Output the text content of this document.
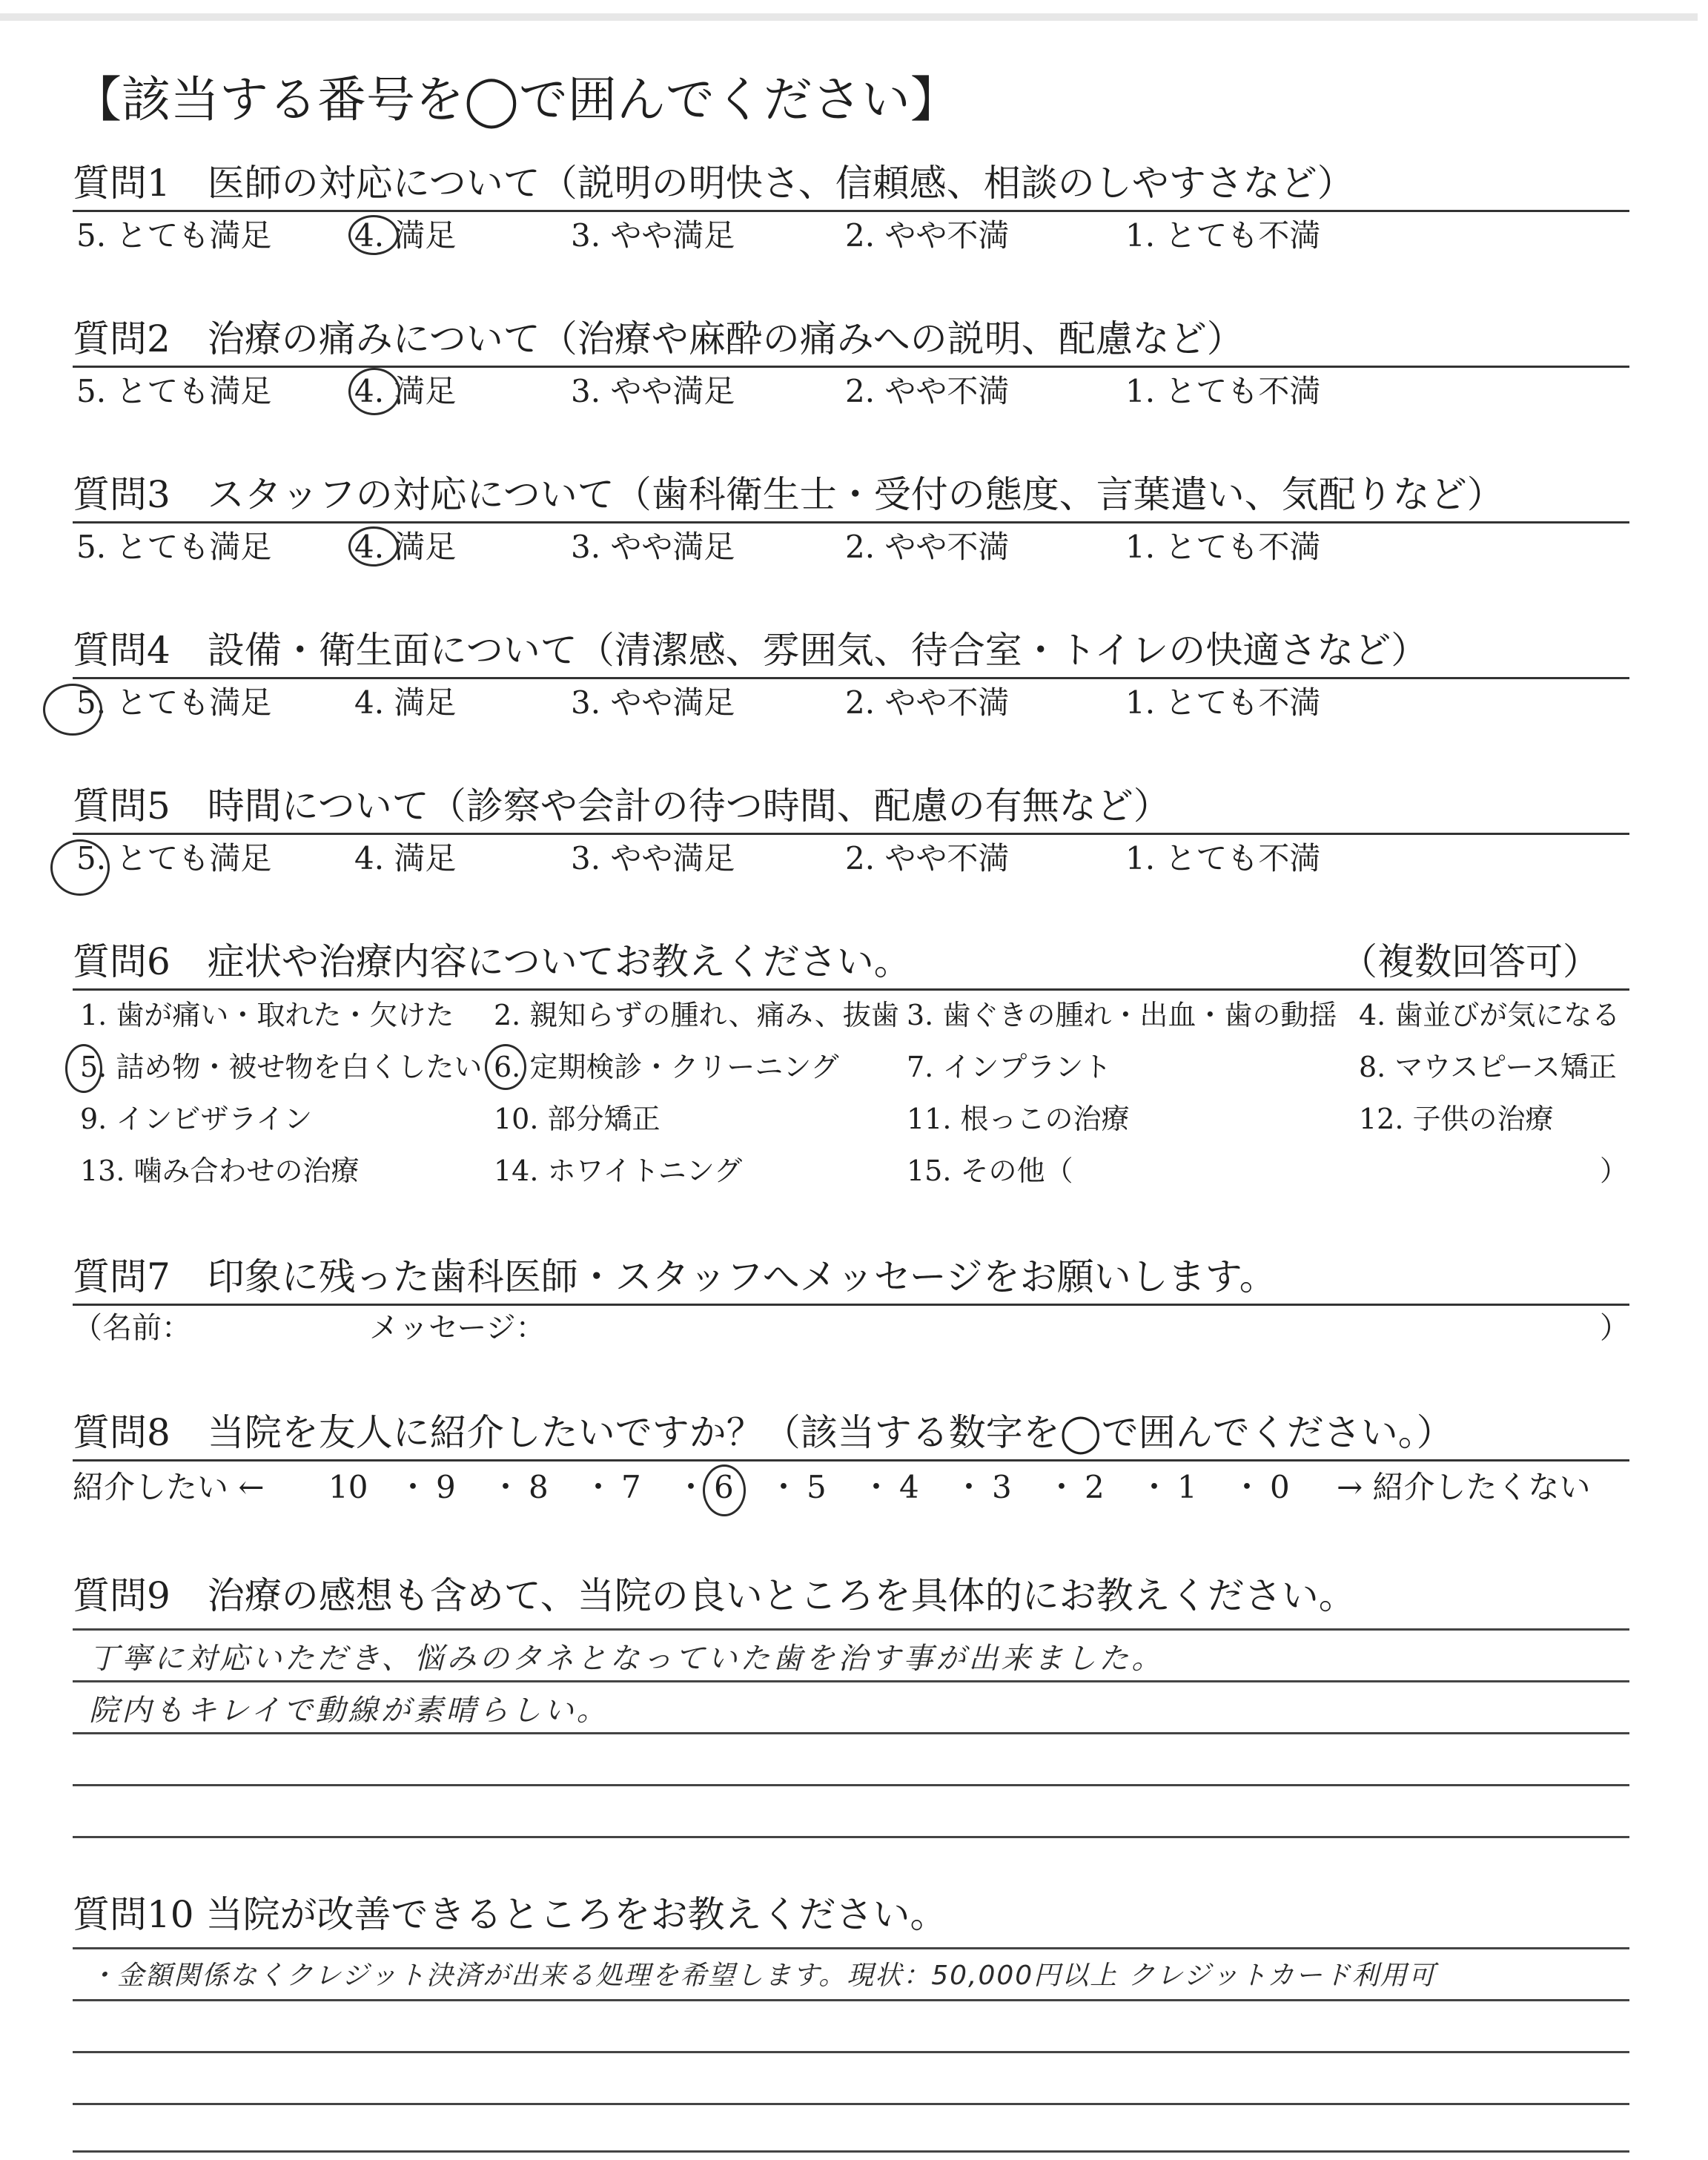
【該当する番号を◯で囲んでください】
質問1　医師の対応について（説明の明快さ、信頼感、相談のしやすさなど）
5. とても満足	4. 満足	3. やや満足	2. やや不満	1. とても不満
質問2　治療の痛みについて（治療や麻酔の痛みへの説明、配慮など）
5. とても満足	4. 満足	3. やや満足	2. やや不満	1. とても不満
質問3　スタッフの対応について（歯科衛生士・受付の態度、言葉遣い、気配りなど）
5. とても満足	4. 満足	3. やや満足	2. やや不満	1. とても不満
質問4　設備・衛生面について（清潔感、雰囲気、待合室・トイレの快適さなど）
5. とても満足	4. 満足	3. やや満足	2. やや不満	1. とても不満
質問5　時間について（診察や会計の待つ時間、配慮の有無など）
5. とても満足	4. 満足	3. やや満足	2. やや不満	1. とても不満
質問6　症状や治療内容についてお教えください。	（複数回答可）
1. 歯が痛い・取れた・欠けた 2. 親知らずの腫れ、痛み、抜歯 3. 歯ぐきの腫れ・出血・歯の動揺 4. 歯並びが気になる
5. 詰め物・被せ物を白くしたい 6. 定期検診・クリーニング 7. インプラント	8. マウスピース矯正
9. インビザライン	10. 部分矯正	11. 根っこの治療	12. 子供の治療
13. 噛み合わせの治療	14. ホワイトニング	15. その他（	）
質問7　印象に残った歯科医師・スタッフへメッセージをお願いします。
（名前：	メッセージ：	）
質問8　当院を友人に紹介したいですか？（該当する数字を◯で囲んでください。）
紹介したい ← 10 ・ 9 ・ 8 ・ 7 ・ 6 ・ 5 ・ 4 ・ 3 ・ 2 ・ 1 ・ 0 → 紹介したくない
質問9　治療の感想も含めて、当院の良いところを具体的にお教えください。
丁寧に対応いただき、悩みのタネとなっていた歯を治す事が出来ました。
院内もキレイで動線が素晴らしい。
質問10 当院が改善できるところをお教えください。
・金額関係なくクレジット決済が出来る処理を希望します。現状：50,000円以上 クレジットカード利用可
